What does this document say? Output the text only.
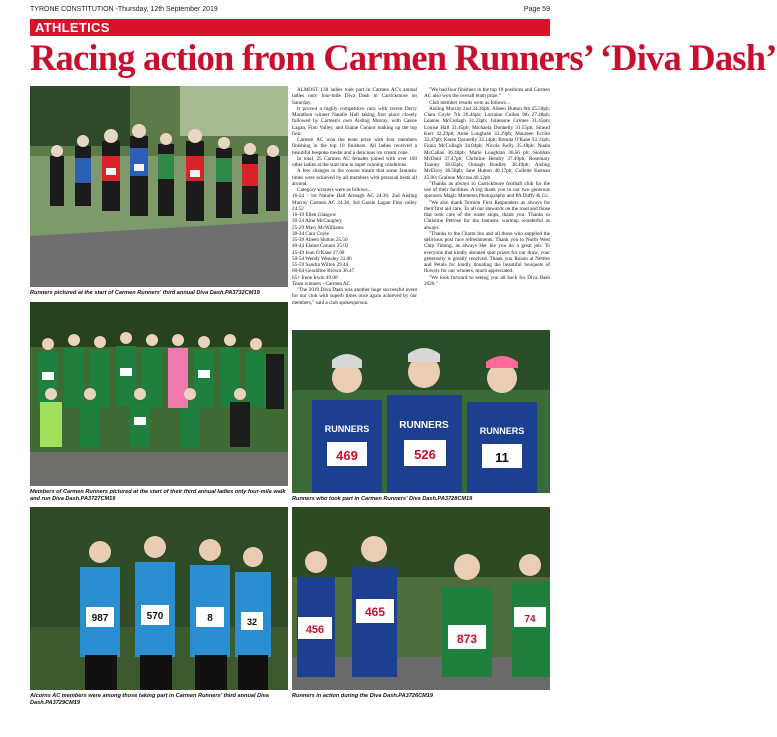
TYRONE CONSTITUTION -Thursday, 12th September 2019	Page 59
ATHLETICS
Racing action from Carmen Runners’ ‘Diva Dash’
Runners pictured at the start of Carmen Runners' third annual Diva Dash.PA3732CM19
Members of Carmen Runners pictured at the start of their third annual ladies only four-mile walk and run Diva Dash.PA3727CM19
987	570	8	32
Alcorns AC members were among those taking part in Carmen Runners' third annual Diva Dash.PA3729CM19

ALMOST 130 ladies took part in Carmen AC's annual ladies only four-mile Diva Dash in Carrickmore on Saturday.

It proved a highly competitive race with recent Derry Marathon winner Natalie Hall taking first place closely followed by Carmen's own Aisling Murray, with Cassie Lagan, Finn Valley, and Elaine Connor making up the top four.

Carmen AC won the team prize with four members finishing in the top 10 finishers. All ladies received a beautiful bespoke medal and a delicious ice cream cone.

In total, 25 Carmen AC females joined with over 100 other ladies at the start line in super running conditions.

A few changes to the course meant that some fantastic times were achieved by all members with personal bests all around.

Category winners were as follows...

16-24 - 1st Natalie Hall Armagh AC 24.36; 2nd Aisling Murray Carmen AC 24.36; 3rd Cassie Lagan Finn valley 24.52

16-19 Ellen Glasgow

20-24 Aine McCaughey

25-29 Mary McWilliams

30-34 Cara Coyle

35-39 Aileen Hutton 25.50

40-44 Elaine Connor 25.02

45-49 Jean O'Kane 27.08

50-54 Wendy Wensley 31.06

55-59 Sandra Wilton 29.44

60-64 Geraldine Brown 36.47

65+ Irene Irwin 49.00

Team winners - Carmen AC

"The 2019 Diva Dash was another huge successful event for our club with superb times once again achieved by our members," said a club spokesperson.

"We had four finishers in the top 10 positions and Carmen AC also won the overall team prize."

Club member results were as follows...

Aisling Murray 2nd 24.36pb; Aileen Hutton 6th 25.50pb; Ciara Coyle 7th 26.44pb; Lorraine Cullen 9th 27.48pb; Leanne McCullagh 31.23pb; Julieanne Grimes 31.45pb; Louise Hall 31.45pb; Michaela Donnelly 31.55pb; Sinead Kerr 32.29pb; Anne Loughran 32.29pb; Maureen Eccles 32.47pb; Karen Donnelly 33.14pb; Brenda O'Kane 33.31pb; Fiona McCullagh 34.04pb; Nicola Kelly 35.48pb; Nuala McCallan 36.40pb; Marie Loughran 36.56 pb; Siobhan McDaid 37.47pb; Christine Hendry 37.49pb; Rosemary Tunney 38.05pb; Oonagh Bradley 38.49pb; Aisling McElroy 38.58pb; Jane Hutton 40.17pb; Collette Keenan 45.00; Grainne Mccrea 46.12pb

"Thanks as always to Carrickmore football club for the use of their facilities. A big thank you to our two generous sponsors Magic Moments Photography and PA Duffy & Co.

"We also thank Termon First Responders as always for their first aid care. To all our stewards on the road and those that took care of the water stops, thank you. Thanks to Christine Petrose for the fantastic warmup wonderful as always.

"Thanks to the Charm Inn and all those who supplied the delicious post race refreshments. Thank you to North West Chip Timing, as always Her bie you do a great job. To everyone that kindly donated spot prizes for our draw, your generosity is greatly received. Thank you Roisin at Nettles and Petals for kindly donating the beautiful bouquets of flowers for our winners, much appreciated.

"We look forward to seeing you all back for Diva Dash 2020."

RUNNERS	RUNNERS	RUNNERS
469	526	11
Runners who took part in Carmen Runners' Diva Dash.PA3728CM19
456
465
873
74
Runners in action during the Diva Dash.PA3726CM19
